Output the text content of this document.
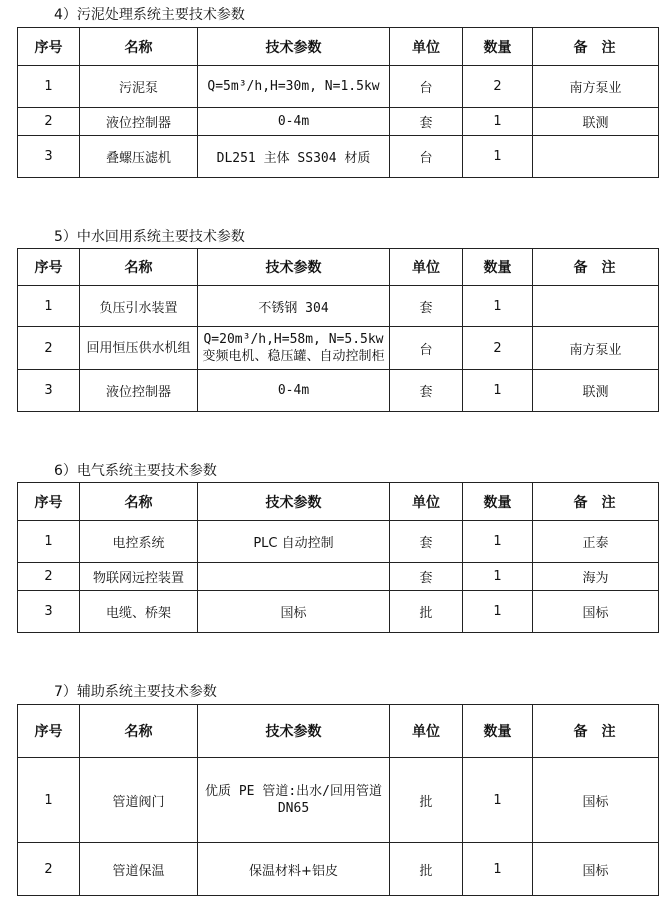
4）污泥处理系统主要技术参数
序号	名称	技术参数	单位	数量	备注
1	污泥泵	Q=5m³/h,H=30m, N=1.5kw	台	2	南方泵业
2	液位控制器	0-4m	套	1	联测
3	叠螺压滤机	DL251 主体 SS304 材质	台	1	
5）中水回用系统主要技术参数
序号	名称	技术参数	单位	数量	备注
1	负压引水装置	不锈钢 304	套	1	
2	回用恒压供水机组	Q=20m³/h,H=58m, N=5.5kw 变频电机、稳压罐、自动控制柜	台	2	南方泵业
3	液位控制器	0-4m	套	1	联测
6）电气系统主要技术参数
序号	名称	技术参数	单位	数量	备注
1	电控系统	PLC 自动控制	套	1	正泰
2	物联网远控装置		套	1	海为
3	电缆、桥架	国标	批	1	国标
7）辅助系统主要技术参数
序号	名称	技术参数	单位	数量	备注
1	管道阀门	优质 PE 管道:出水/回用管道 DN65	批	1	国标
2	管道保温	保温材料+铝皮	批	1	国标
